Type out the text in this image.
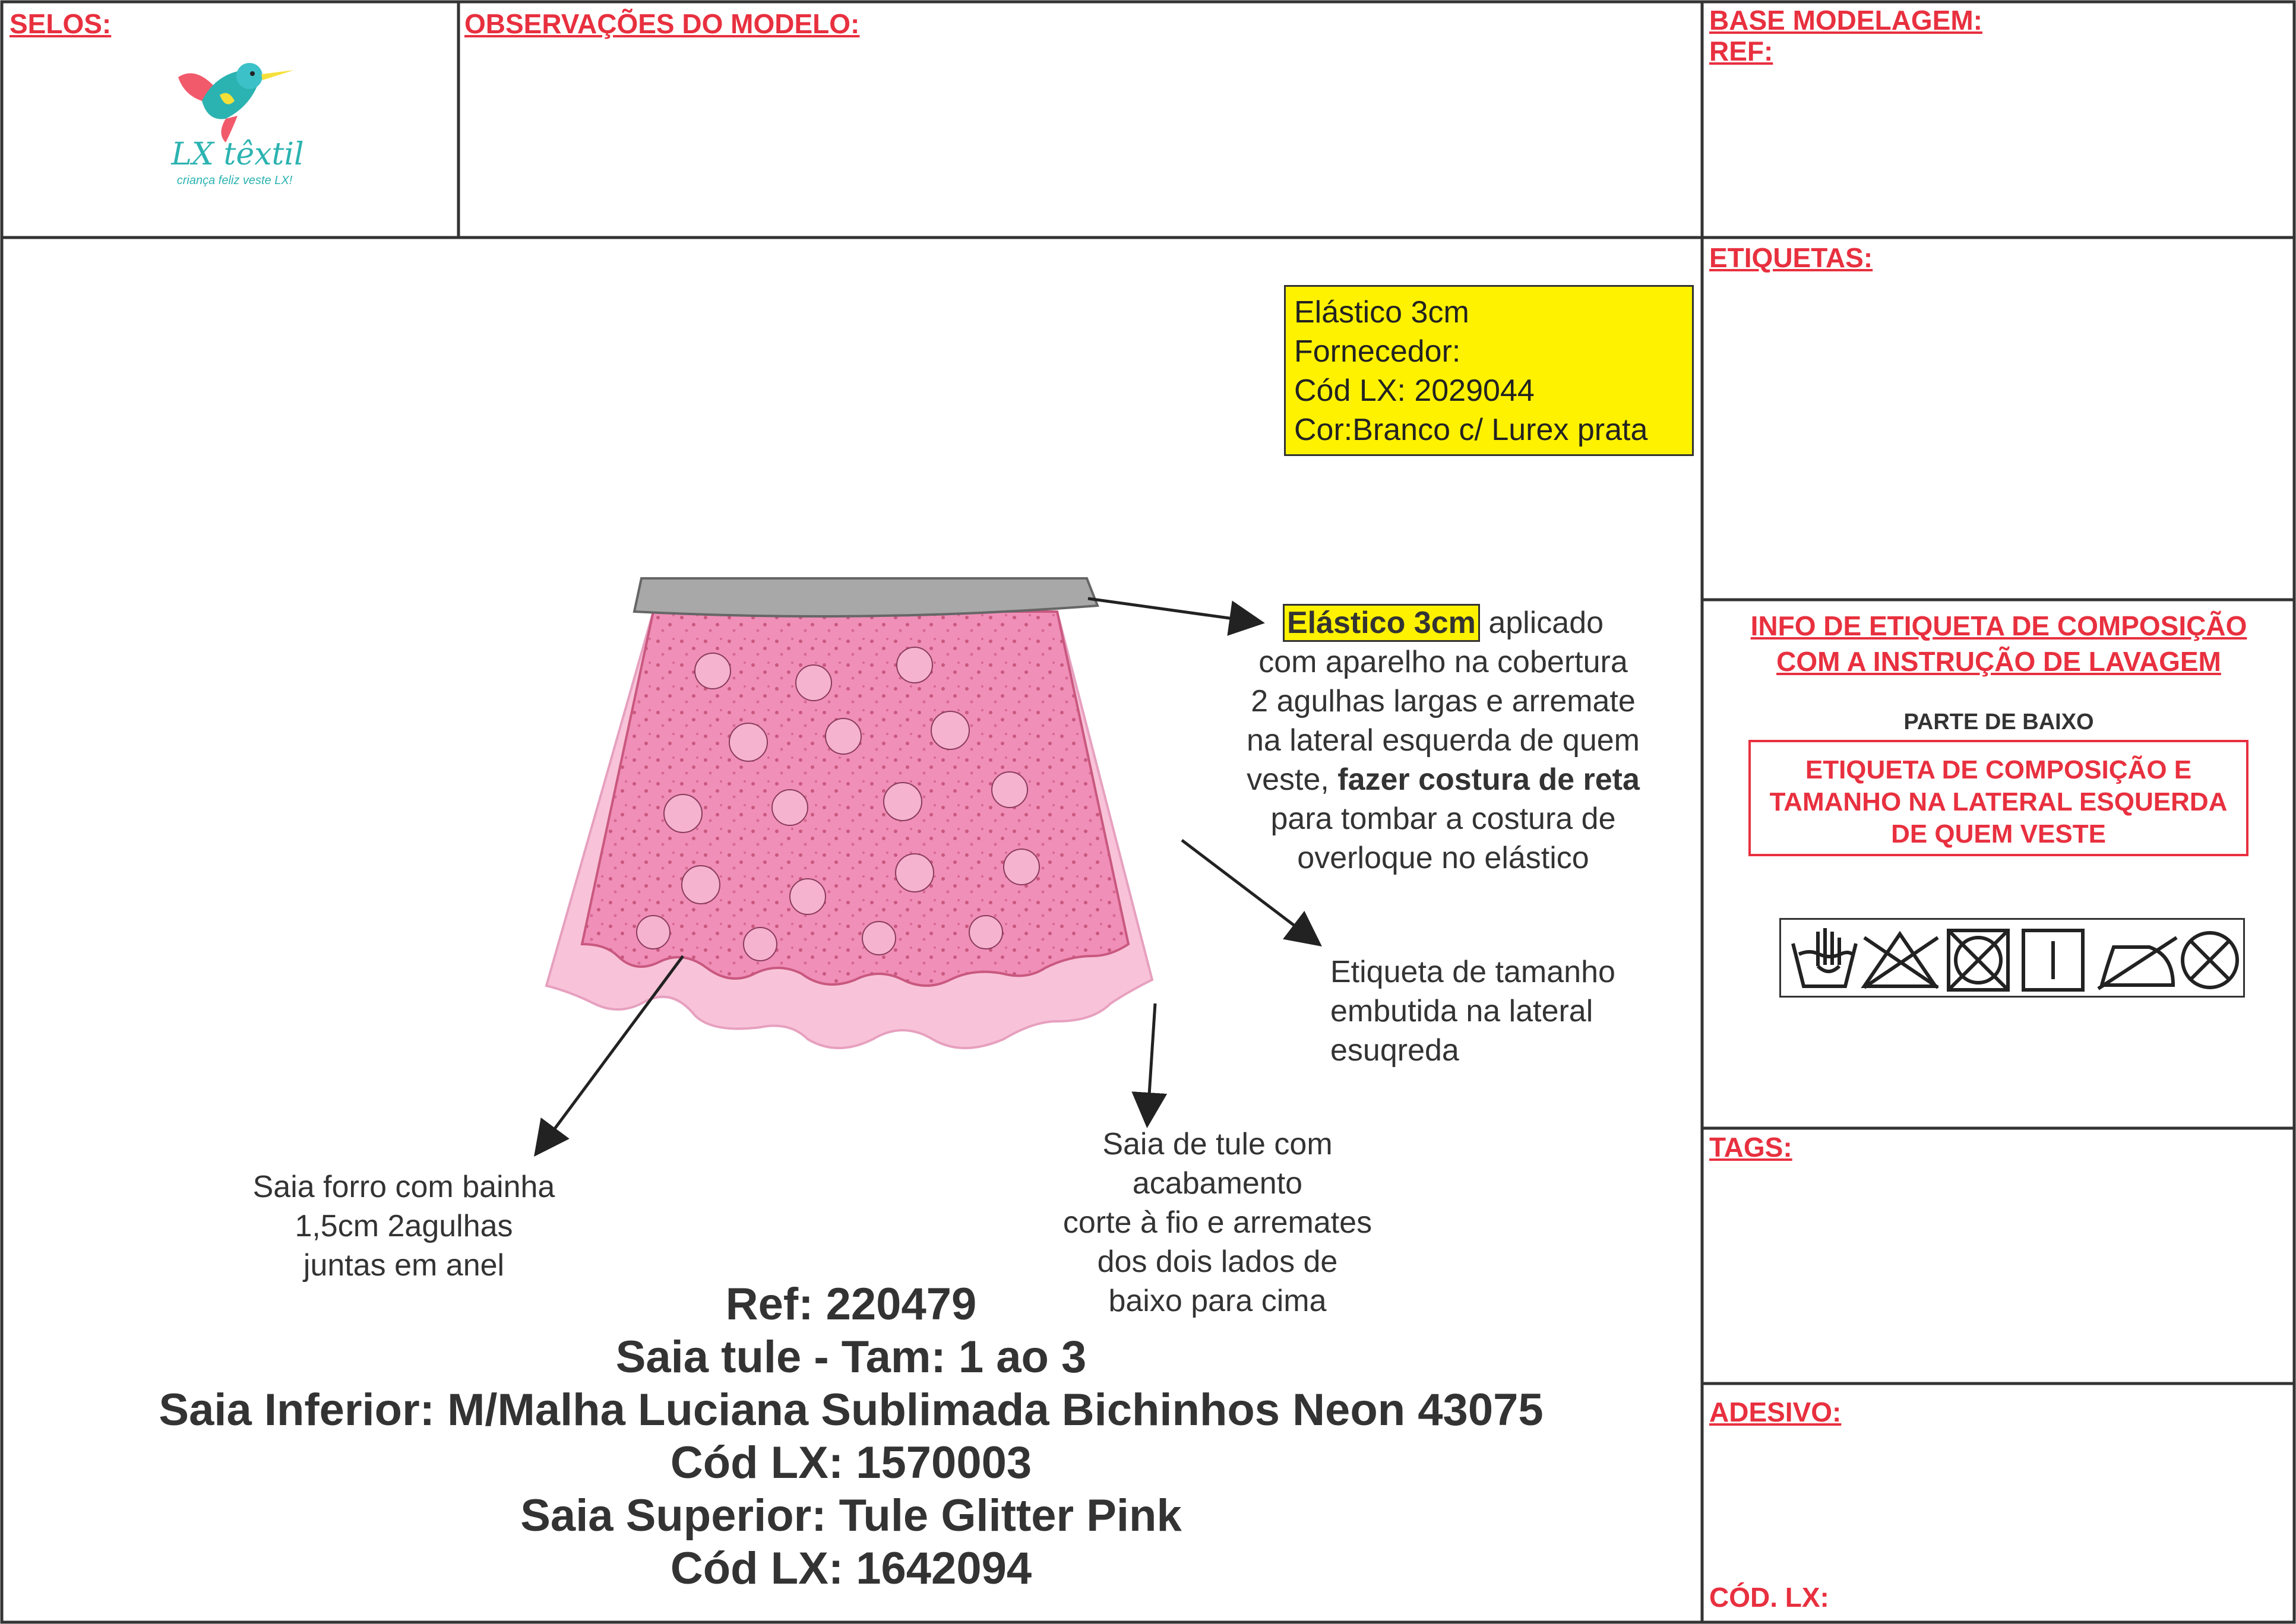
SELOS:	OBSERVAÇÕES DO MODELO:	BASE MODELAGEM:
REF:
LX têxtil
criança feliz veste LX!
Elástico 3cm
Fornecedor:
Cód LX: 2029044
Cor:Branco c/ Lurex prata
Elástico 3cm aplicado
com aparelho na cobertura
2 agulhas largas e arremate
na lateral esquerda de quem
veste, fazer costura de reta
para tombar a costura de
overloque no elástico
Etiqueta de tamanho
embutida na lateral
esuqreda
Saia forro com bainha
1,5cm 2agulhas
juntas em anel
Saia de tule com
acabamento
corte à fio e arremates
dos dois lados de
baixo para cima
Ref: 220479
Saia tule - Tam: 1 ao 3
Saia Inferior: M/Malha Luciana Sublimada Bichinhos Neon 43075
Cód LX: 1570003
Saia Superior: Tule Glitter Pink
Cód LX: 1642094
ETIQUETAS:
INFO DE ETIQUETA DE COMPOSIÇÃO
COM A INSTRUÇÃO DE LAVAGEM
PARTE DE BAIXO
ETIQUETA DE COMPOSIÇÃO E
TAMANHO NA LATERAL ESQUERDA
DE QUEM VESTE
TAGS:
ADESIVO:
CÓD. LX:
